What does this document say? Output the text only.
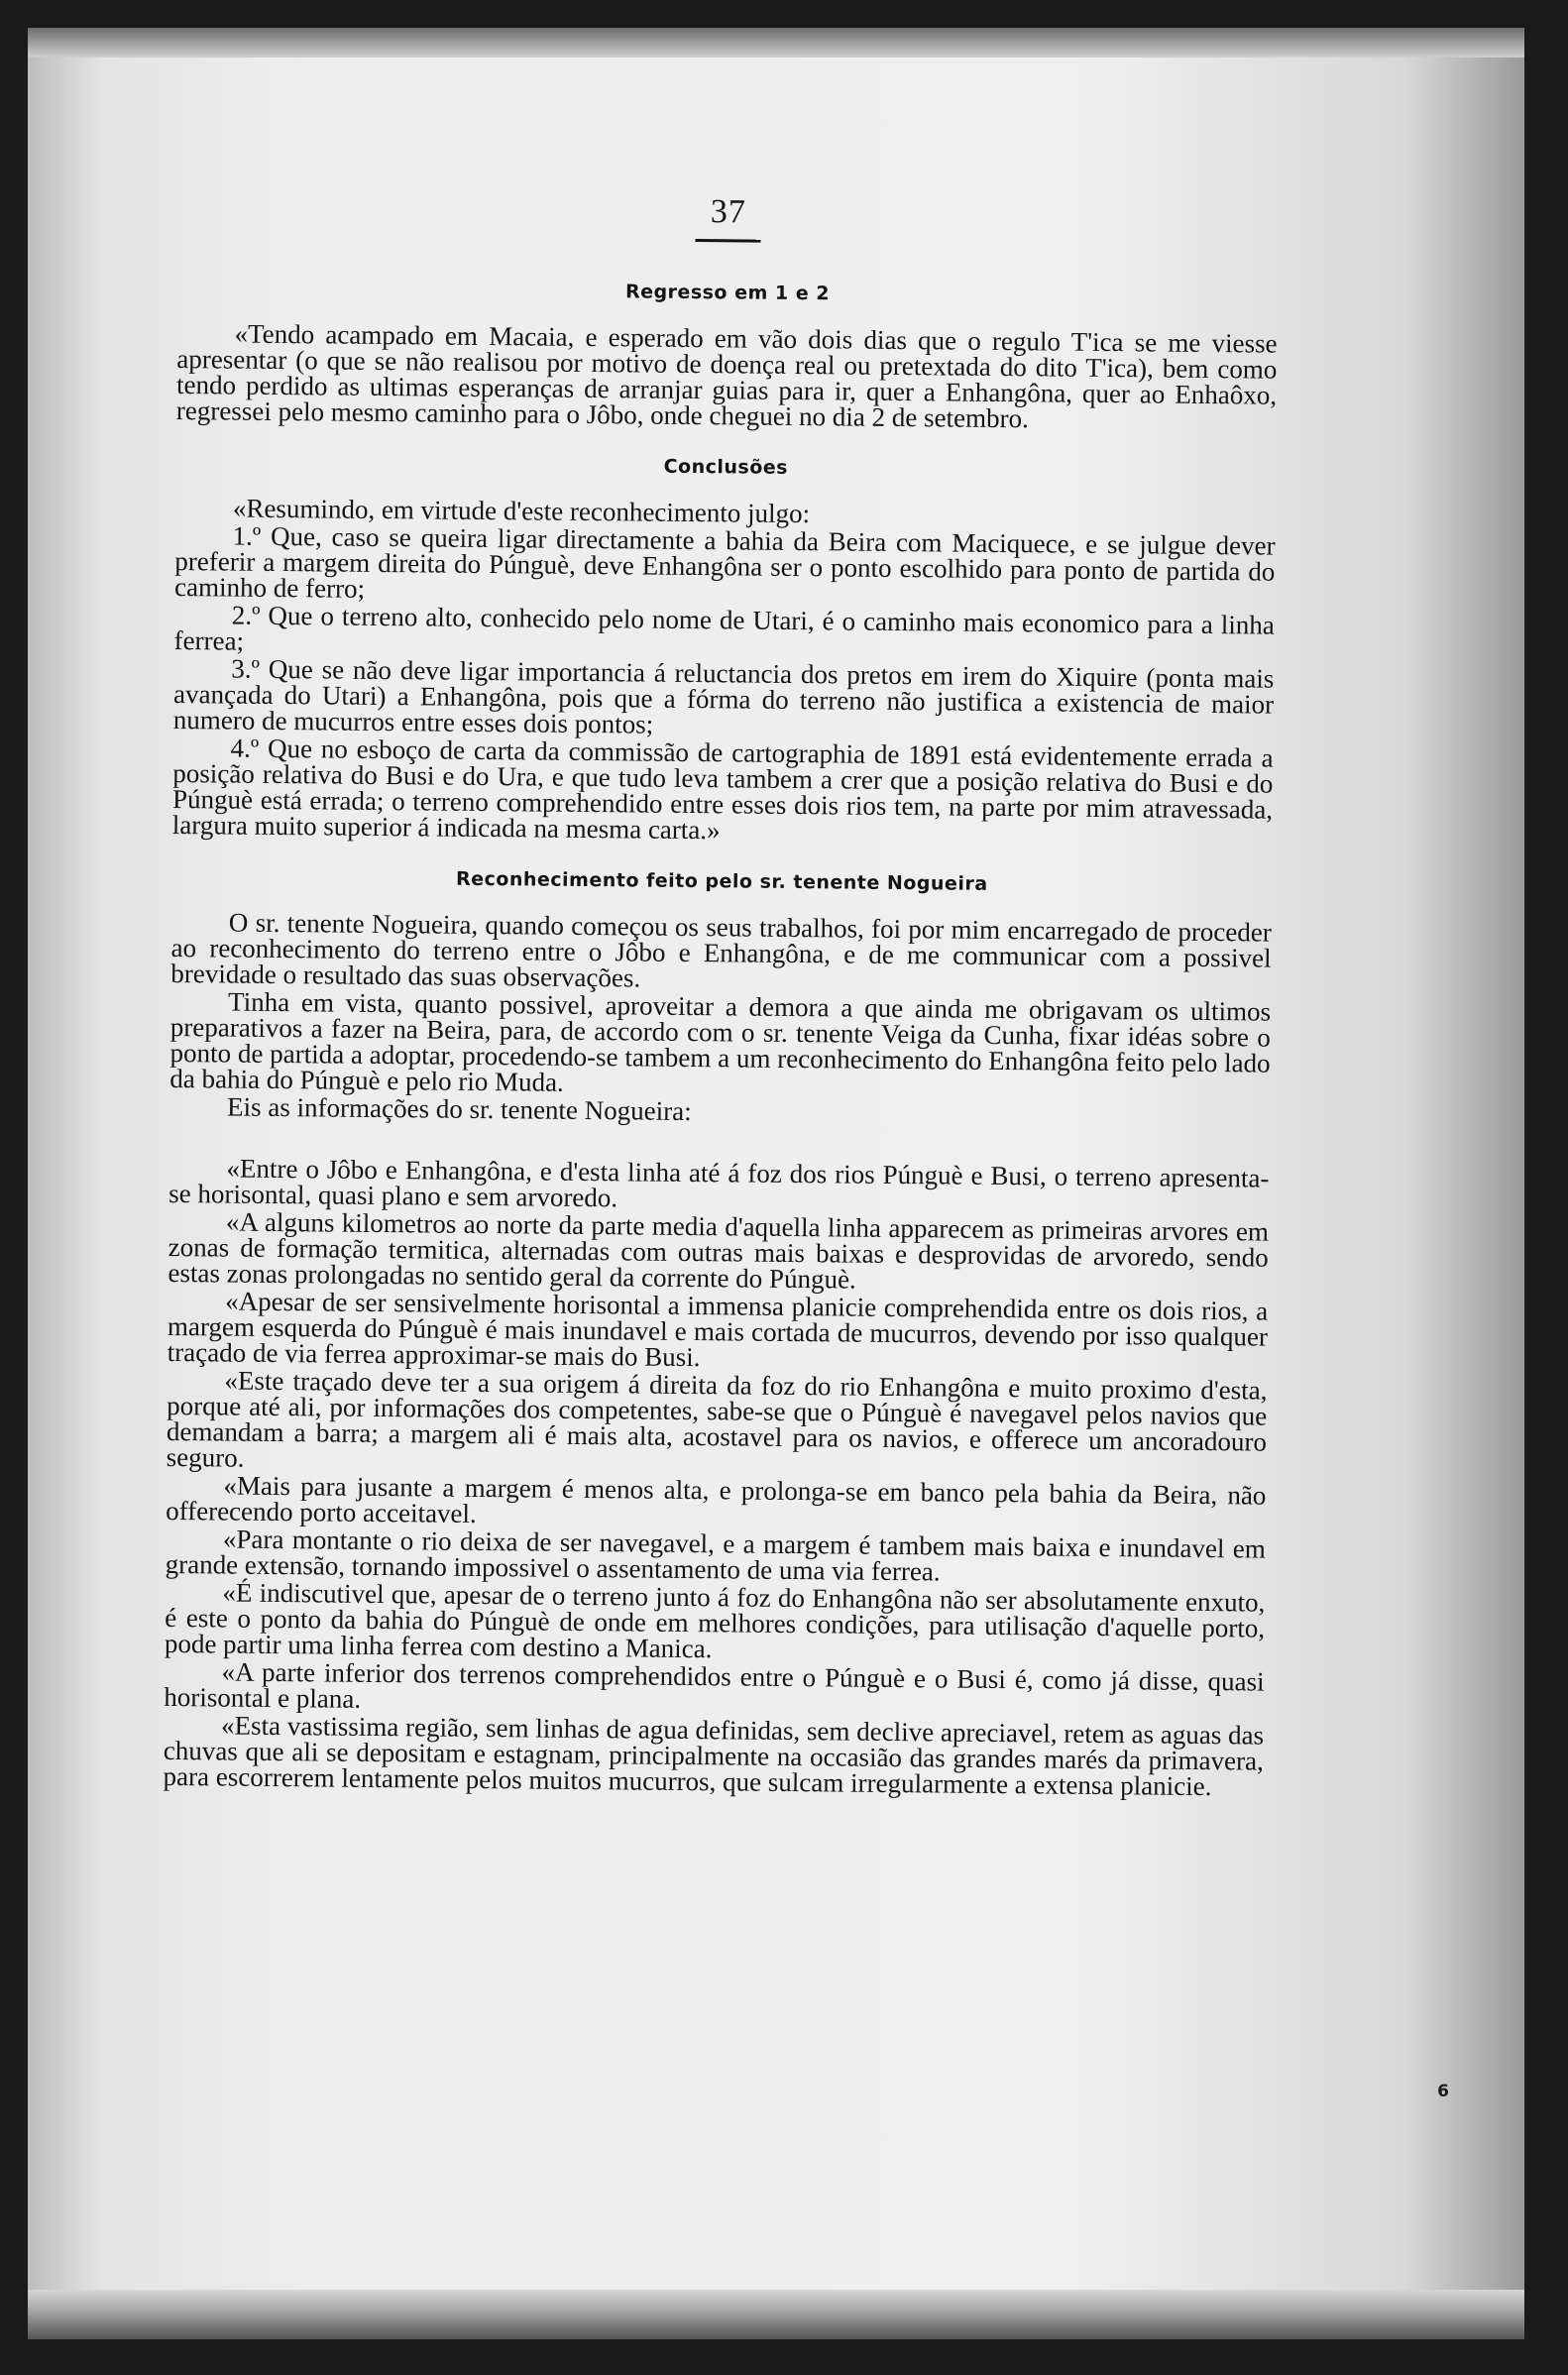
37
Regresso em 1 e 2

«Tendo acampado em Macaia, e esperado em vão dois dias que o regulo T'ica se me viesse apresentar (o que se não realisou por motivo de doença real ou pretextada do dito T'ica), bem como tendo perdido as ultimas esperanças de arranjar guias para ir, quer a Enhangôna, quer ao Enhaôxo, regressei pelo mesmo caminho para o Jôbo, onde cheguei no dia 2 de setembro.

Conclusões

«Resumindo, em virtude d'este reconhecimento julgo:

1.º Que, caso se queira ligar directamente a bahia da Beira com Maciquece, e se julgue dever preferir a margem direita do Púnguè, deve Enhangôna ser o ponto escolhido para ponto de partida do caminho de ferro;

2.º Que o terreno alto, conhecido pelo nome de Utari, é o caminho mais economico para a linha ferrea;

3.º Que se não deve ligar importancia á reluctancia dos pretos em irem do Xiquire (ponta mais avançada do Utari) a Enhangôna, pois que a fórma do terreno não justifica a existencia de maior numero de mucurros entre esses dois pontos;

4.º Que no esboço de carta da commissão de cartographia de 1891 está evidentemente errada a posição relativa do Busi e do Ura, e que tudo leva tambem a crer que a posição relativa do Busi e do Púnguè está errada; o terreno comprehendido entre esses dois rios tem, na parte por mim atravessada, largura muito superior á indicada na mesma carta.»

Reconhecimento feito pelo sr. tenente Nogueira

O sr. tenente Nogueira, quando começou os seus trabalhos, foi por mim encarregado de proceder ao reconhecimento do terreno entre o Jôbo e Enhangôna, e de me communicar com a possivel brevidade o resultado das suas observações.

Tinha em vista, quanto possivel, aproveitar a demora a que ainda me obrigavam os ultimos preparativos a fazer na Beira, para, de accordo com o sr. tenente Veiga da Cunha, fixar idéas sobre o ponto de partida a adoptar, procedendo-se tambem a um reconhecimento do Enhangôna feito pelo lado da bahia do Púnguè e pelo rio Muda.

Eis as informações do sr. tenente Nogueira:

«Entre o Jôbo e Enhangôna, e d'esta linha até á foz dos rios Púnguè e Busi, o terreno apresenta-se horisontal, quasi plano e sem arvoredo.

«A alguns kilometros ao norte da parte media d'aquella linha apparecem as primeiras arvores em zonas de formação termitica, alternadas com outras mais baixas e desprovidas de arvoredo, sendo estas zonas prolongadas no sentido geral da corrente do Púnguè.

«Apesar de ser sensivelmente horisontal a immensa planicie comprehendida entre os dois rios, a margem esquerda do Púnguè é mais inundavel e mais cortada de mucurros, devendo por isso qualquer traçado de via ferrea approximar-se mais do Busi.

«Este traçado deve ter a sua origem á direita da foz do rio Enhangôna e muito proximo d'esta, porque até ali, por informações dos competentes, sabe-se que o Púnguè é navegavel pelos navios que demandam a barra; a margem ali é mais alta, acostavel para os navios, e offerece um ancoradouro seguro.

«Mais para jusante a margem é menos alta, e prolonga-se em banco pela bahia da Beira, não offerecendo porto acceitavel.

«Para montante o rio deixa de ser navegavel, e a margem é tambem mais baixa e inundavel em grande extensão, tornando impossivel o assentamento de uma via ferrea.

«É indiscutivel que, apesar de o terreno junto á foz do Enhangôna não ser absolutamente enxuto, é este o ponto da bahia do Púnguè de onde em melhores condições, para utilisação d'aquelle porto, pode partir uma linha ferrea com destino a Manica.

«A parte inferior dos terrenos comprehendidos entre o Púnguè e o Busi é, como já disse, quasi horisontal e plana.

«Esta vastissima região, sem linhas de agua definidas, sem declive apreciavel, retem as aguas das chuvas que ali se depositam e estagnam, principalmente na occasião das grandes marés da primavera, para escorrerem lentamente pelos muitos mucurros, que sulcam irregularmente a extensa planicie.

6
